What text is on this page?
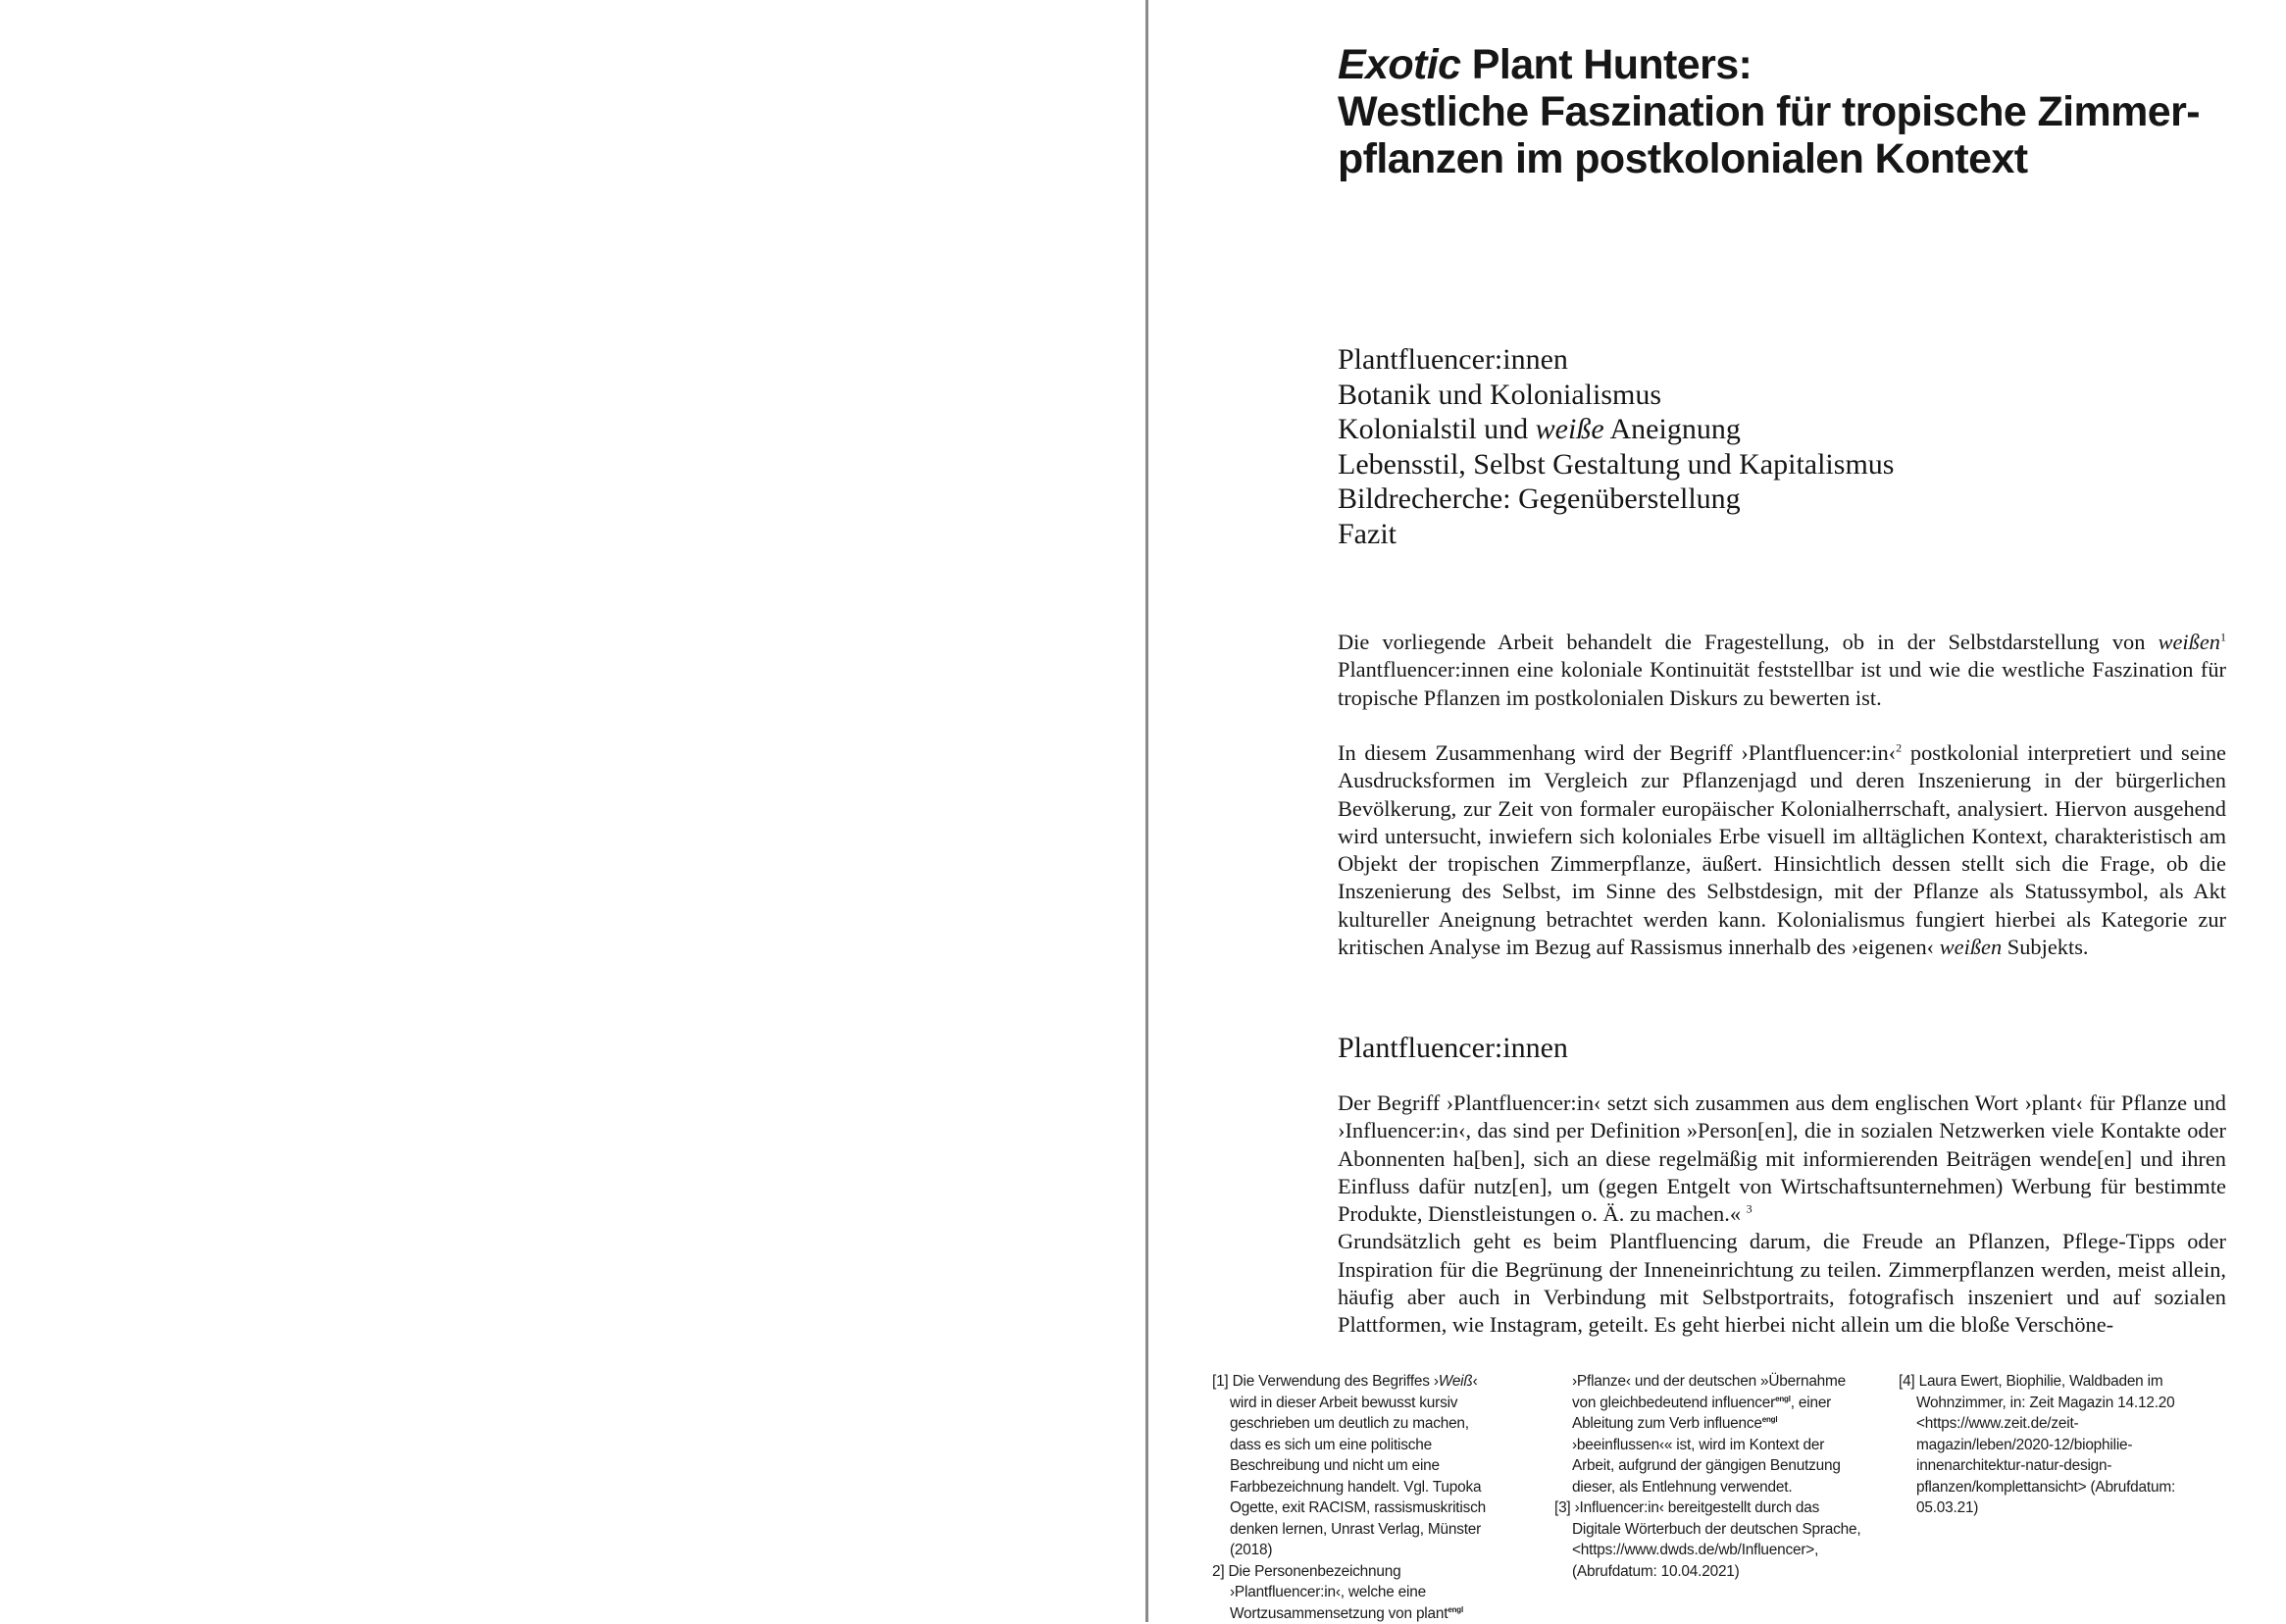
Exotic Plant Hunters:
Westliche Faszination für tropische Zimmer-
pflanzen im postkolonialen Kontext
Plantfluencer:innen
Botanik und Kolonialismus
Kolonialstil und weiße Aneignung
Lebensstil, Selbst Gestaltung und Kapitalismus
Bildrecherche: Gegenüberstellung
Fazit

Die vorliegende Arbeit behandelt die Fragestellung, ob in der Selbstdarstellung von weißen$^1$ Plantfluencer:innen eine koloniale Kontinuität feststellbar ist und wie die westliche Faszination für tropische Pflanzen im postkolonialen Diskurs zu bewerten ist.

In diesem Zusammenhang wird der Begriff ›Plantfluencer:in‹$^2$ postkolonial interpretiert und seine Ausdrucksformen im Vergleich zur Pflanzenjagd und deren Inszenierung in der bürgerlichen Bevölkerung, zur Zeit von formaler europäischer Kolonialherrschaft, analysiert. Hiervon ausgehend wird untersucht, inwiefern sich koloniales Erbe visuell im alltäglichen Kontext, charakteristisch am Objekt der tropischen Zimmerpflanze, äußert. Hinsichtlich dessen stellt sich die Frage, ob die Inszenierung des Selbst, im Sinne des Selbstdesign, mit der Pflanze als Statussymbol, als Akt kultureller Aneignung betrachtet werden kann. Kolonialismus fungiert hierbei als Kategorie zur kritischen Analyse im Bezug auf Rassismus innerhalb des ›eigenen‹ weißen Subjekts.

Plantfluencer:innen

Der Begriff ›Plantfluencer:in‹ setzt sich zusammen aus dem englischen Wort ›plant‹ für Pflanze und ›Influencer:in‹, das sind per Definition »Person[en], die in sozialen Netzwerken viele Kontakte oder Abonnenten ha[ben], sich an diese regelmäßig mit informierenden Beiträgen wende[en] und ihren Einfluss dafür nutz[en], um (gegen Entgelt von Wirtschaftsunternehmen) Werbung für bestimmte Produkte, Dienstleistungen o. Ä. zu machen.« $^3$
Grundsätzlich geht es beim Plantfluencing darum, die Freude an Pflanzen, Pflege-Tipps oder Inspiration für die Begrünung der Inneneinrichtung zu teilen. Zimmerpflanzen werden, meist allein, häufig aber auch in Verbindung mit Selbstportraits, fotografisch inszeniert und auf sozialen Plattformen, wie Instagram, geteilt. Es geht hierbei nicht allein um die bloße Verschöne-

[1] Die Verwendung des Begriffes ›Weiß‹ wird in dieser Arbeit bewusst kursiv geschrieben um deutlich zu machen, dass es sich um eine politische Beschreibung und nicht um eine Farbbezeichnung handelt. Vgl. Tupoka Ogette, exit RACISM, rassismuskritisch denken lernen, Unrast Verlag, Münster (2018)

2] Die Personenbezeichnung ›Plantfluencer:in‹, welche eine Wortzusammensetzung von plant$^{engl}$

›Pflanze‹ und der deutschen »Übernahme von gleichbedeutend influencer$^{engl}$, einer Ableitung zum Verb influence$^{engl}$ ›beeinflussen‹« ist, wird im Kontext der Arbeit, aufgrund der gängigen Benutzung dieser, als Entlehnung verwendet.

[3] ›Influencer:in‹ bereitgestellt durch das Digitale Wörterbuch der deutschen Sprache, <https://www.dwds.de/wb/Influencer>, (Abrufdatum: 10.04.2021)

[4] Laura Ewert, Biophilie, Waldbaden im Wohnzimmer, in: Zeit Magazin 14.12.20 <https://www.zeit.de/zeit-magazin/leben/2020-12/biophilie-innenarchitektur-natur-design-pflanzen/komplettansicht> (Abrufdatum: 05.03.21)
